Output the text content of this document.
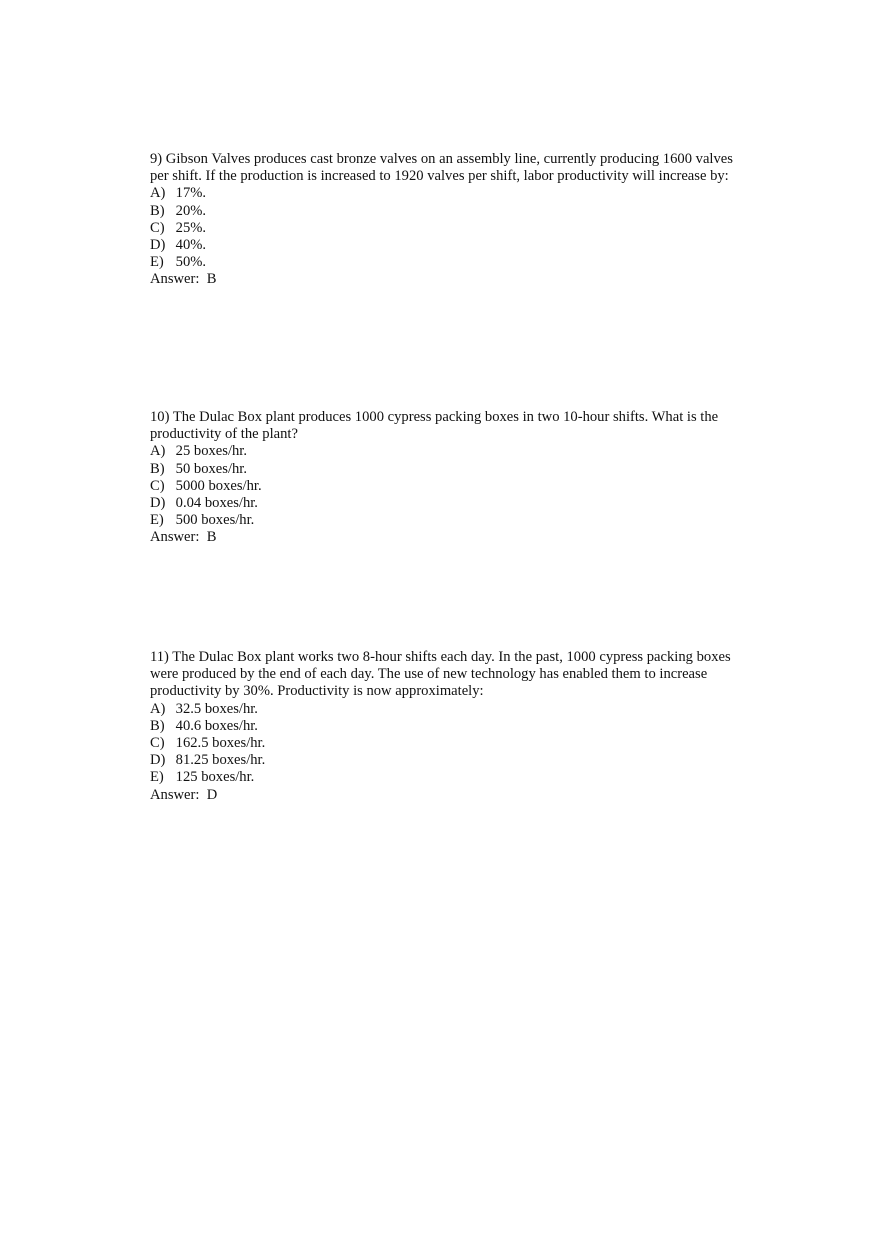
9) Gibson Valves produces cast bronze valves on an assembly line, currently producing 1600 valves per shift. If the production is increased to 1920 valves per shift, labor productivity will increase by:

A) 17%.
B) 20%.
C) 25%.
D) 40%.
E) 50%.

Answer:  B

10) The Dulac Box plant produces 1000 cypress packing boxes in two 10-hour shifts. What is the productivity of the plant?

A) 25 boxes/hr.
B) 50 boxes/hr.
C) 5000 boxes/hr.
D) 0.04 boxes/hr.
E) 500 boxes/hr.

Answer:  B

11) The Dulac Box plant works two 8-hour shifts each day. In the past, 1000 cypress packing boxes were produced by the end of each day. The use of new technology has enabled them to increase productivity by 30%. Productivity is now approximately:

A) 32.5 boxes/hr.
B) 40.6 boxes/hr.
C) 162.5 boxes/hr.
D) 81.25 boxes/hr.
E) 125 boxes/hr.

Answer:  D
